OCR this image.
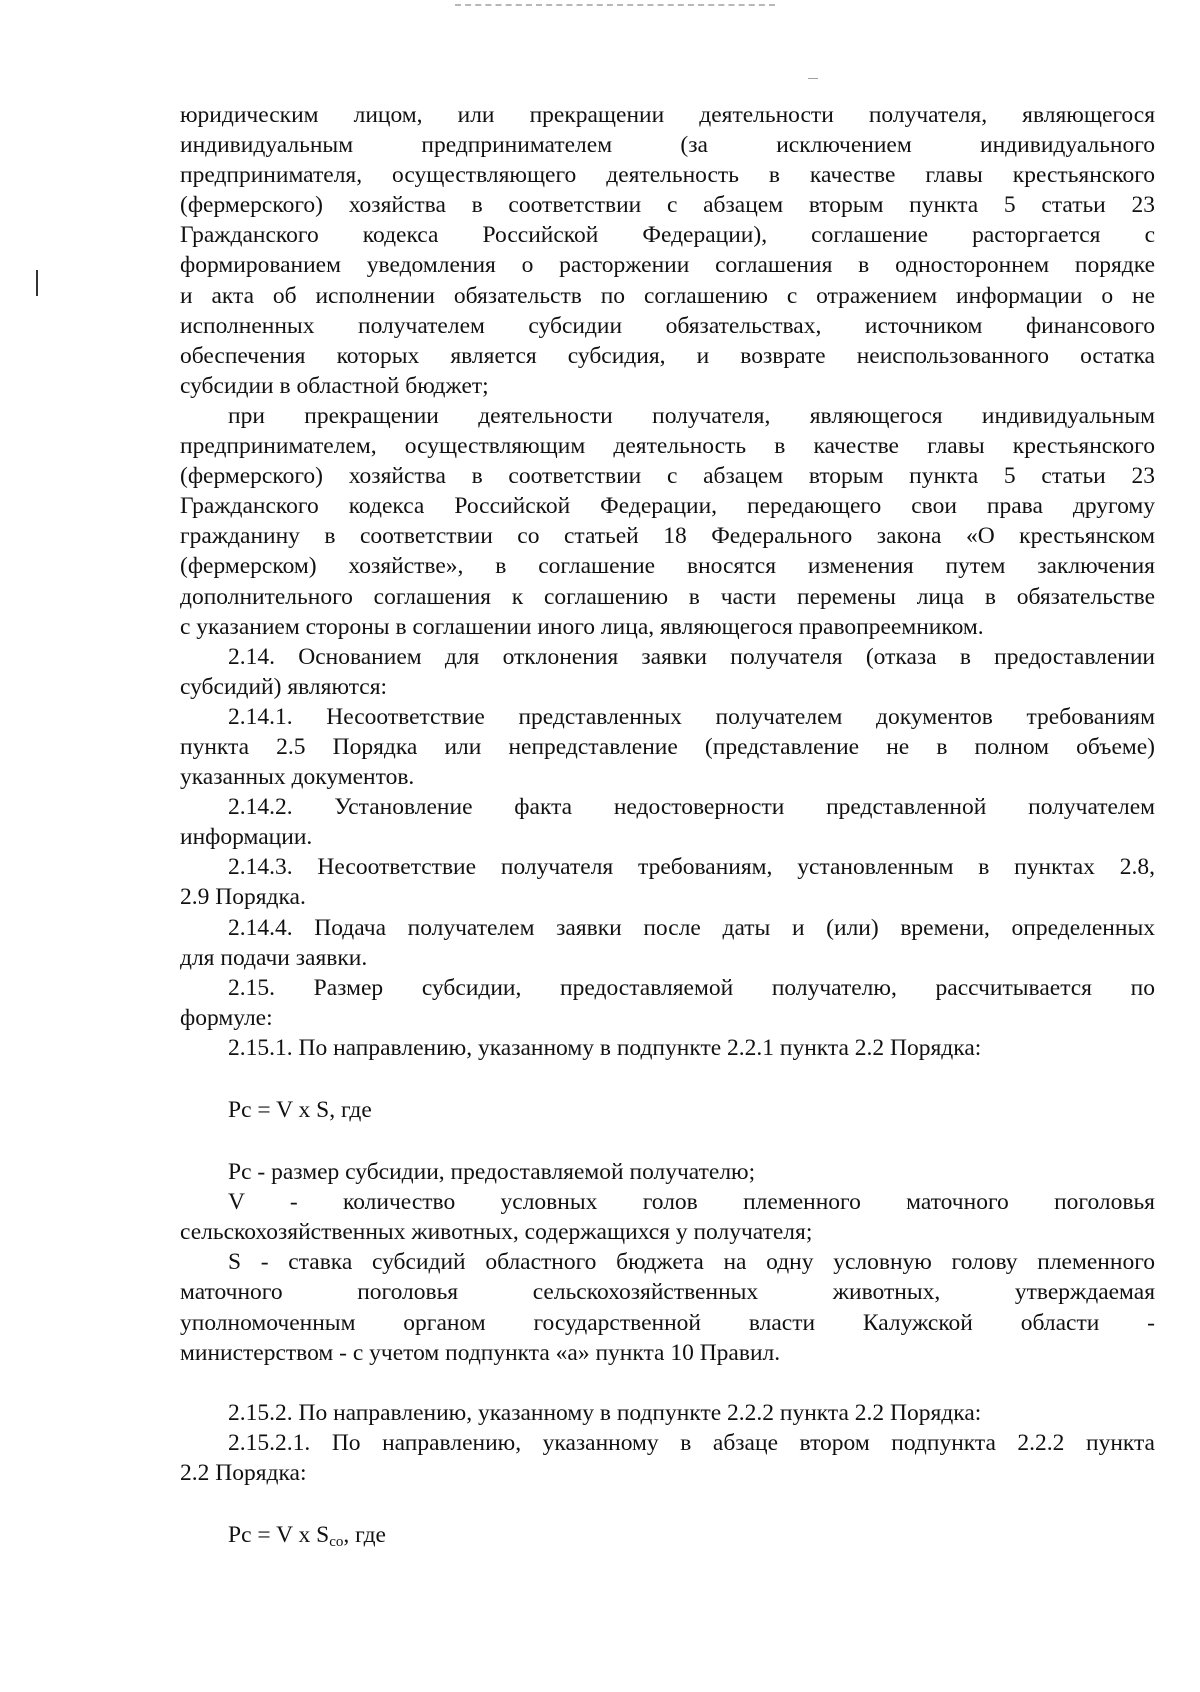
юридическим лицом, или прекращении деятельности получателя, являющегося
индивидуальным предпринимателем (за исключением индивидуального
предпринимателя, осуществляющего деятельность в качестве главы крестьянского
(фермерского) хозяйства в соответствии с абзацем вторым пункта 5 статьи 23
Гражданского кодекса Российской Федерации), соглашение расторгается с
формированием уведомления о расторжении соглашения в одностороннем порядке
и акта об исполнении обязательств по соглашению с отражением информации о не
исполненных получателем субсидии обязательствах, источником финансового
обеспечения которых является субсидия, и возврате неиспользованного остатка
субсидии в областной бюджет;
при прекращении деятельности получателя, являющегося индивидуальным
предпринимателем, осуществляющим деятельность в качестве главы крестьянского
(фермерского) хозяйства в соответствии с абзацем вторым пункта 5 статьи 23
Гражданского кодекса Российской Федерации, передающего свои права другому
гражданину в соответствии со статьей 18 Федерального закона «О крестьянском
(фермерском) хозяйстве», в соглашение вносятся изменения путем заключения
дополнительного соглашения к соглашению в части перемены лица в обязательстве
с указанием стороны в соглашении иного лица, являющегося правопреемником.
2.14. Основанием для отклонения заявки получателя (отказа в предоставлении
субсидий) являются:
2.14.1. Несоответствие представленных получателем документов требованиям
пункта 2.5 Порядка или непредставление (представление не в полном объеме)
указанных документов.
2.14.2. Установление факта недостоверности представленной получателем
информации.
2.14.3. Несоответствие получателя требованиям, установленным в пунктах 2.8,
2.9 Порядка.
2.14.4. Подача получателем заявки после даты и (или) времени, определенных
для подачи заявки.
2.15. Размер субсидии, предоставляемой получателю, рассчитывается по
формуле:
2.15.1. По направлению, указанному в подпункте 2.2.1 пункта 2.2 Порядка:
Pc = V x S, где
Pc - размер субсидии, предоставляемой получателю;
V - количество условных голов племенного маточного поголовья
сельскохозяйственных животных, содержащихся у получателя;
S - ставка субсидий областного бюджета на одну условную голову племенного
маточного поголовья сельскохозяйственных животных, утверждаемая
уполномоченным органом государственной власти Калужской области -
министерством - с учетом подпункта «а» пункта 10 Правил.
2.15.2. По направлению, указанному в подпункте 2.2.2 пункта 2.2 Порядка:
2.15.2.1. По направлению, указанному в абзаце втором подпункта 2.2.2 пункта
2.2 Порядка:
Pc = V x $S_{co}$, где
